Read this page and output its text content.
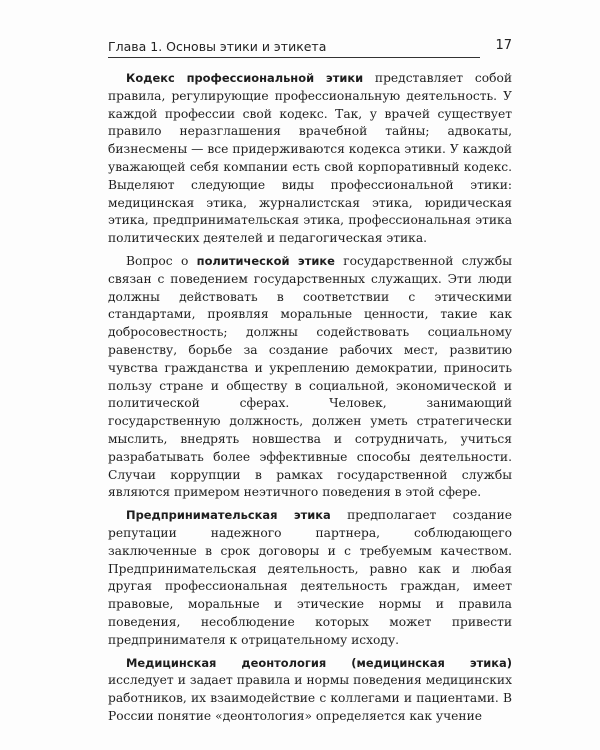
Глава 1. Основы этики и этикета	17

Кодекс профессиональной этики представляет собой правила, регулирующие профессиональную деятельность. У каждой профессии свой кодекс. Так, у врачей существует правило неразглашения врачебной тайны; адвокаты, бизнесмены — все придерживаются кодекса этики. У каждой уважающей себя компании есть свой корпоративный кодекс. Выделяют следующие виды профессиональной этики: медицинская этика, журналистская этика, юридическая этика, предпринимательская этика, профессиональная этика политических деятелей и педагогическая этика.

Вопрос о политической этике государственной службы связан с поведением государственных служащих. Эти люди должны действовать в соответствии с этическими стандартами, проявляя моральные ценности, такие как добросовестность; должны содействовать социальному равенству, борьбе за создание рабочих мест, развитию чувства гражданства и укреплению демократии, приносить пользу стране и обществу в социальной, экономической и политической сферах. Человек, занимающий государственную должность, должен уметь стратегически мыслить, внедрять новшества и сотрудничать, учиться разрабатывать более эффективные способы деятельности. Случаи коррупции в рамках государственной службы являются примером неэтичного поведения в этой сфере.

Предпринимательская этика предполагает создание репутации надежного партнера, соблюдающего заключенные в срок договоры и с требуемым качеством. Предпринимательская деятельность, равно как и любая другая профессиональная деятельность граждан, имеет правовые, моральные и этические нормы и правила поведения, несоблюдение которых может привести предпринимателя к отрицательному исходу.

Медицинская деонтология (медицинская этика) исследует и задает правила и нормы поведения медицинских работников, их взаимодействие с коллегами и пациентами. В России понятие «деонтология» определяется как учение
